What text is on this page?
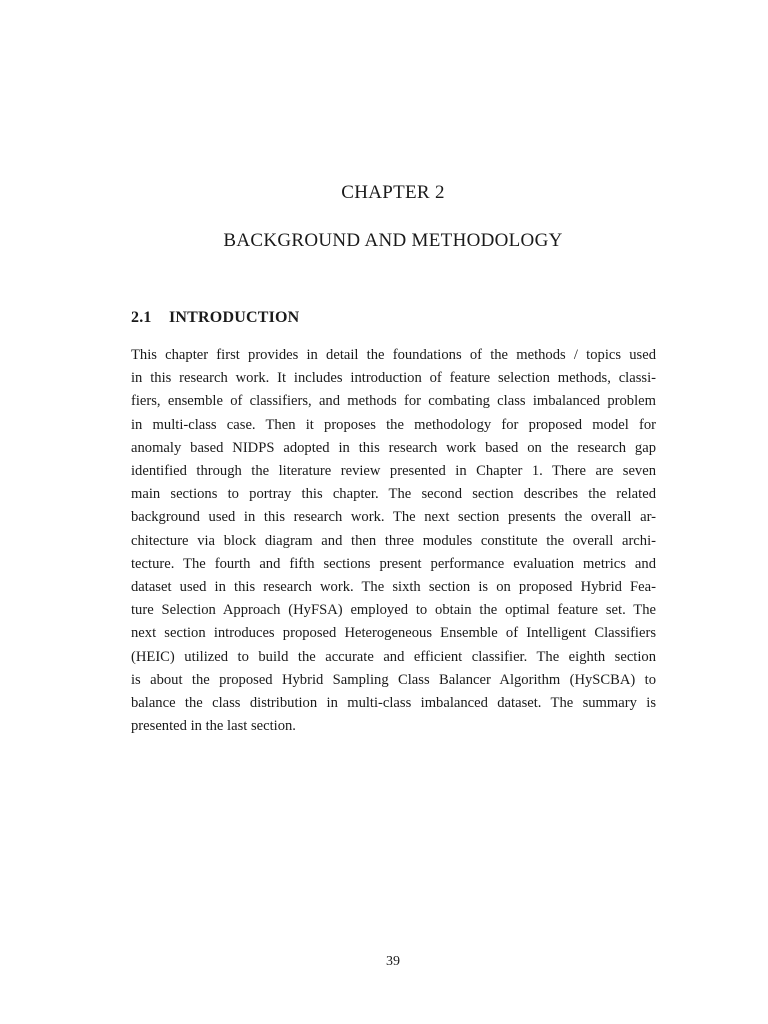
CHAPTER 2
BACKGROUND AND METHODOLOGY
2.1 INTRODUCTION
This chapter first provides in detail the foundations of the methods / topics used
in this research work. It includes introduction of feature selection methods, classi-
fiers, ensemble of classifiers, and methods for combating class imbalanced problem
in multi-class case. Then it proposes the methodology for proposed model for
anomaly based NIDPS adopted in this research work based on the research gap
identified through the literature review presented in Chapter 1. There are seven
main sections to portray this chapter. The second section describes the related
background used in this research work. The next section presents the overall ar-
chitecture via block diagram and then three modules constitute the overall archi-
tecture. The fourth and fifth sections present performance evaluation metrics and
dataset used in this research work. The sixth section is on proposed Hybrid Fea-
ture Selection Approach (HyFSA) employed to obtain the optimal feature set. The
next section introduces proposed Heterogeneous Ensemble of Intelligent Classifiers
(HEIC) utilized to build the accurate and efficient classifier. The eighth section
is about the proposed Hybrid Sampling Class Balancer Algorithm (HySCBA) to
balance the class distribution in multi-class imbalanced dataset. The summary is
presented in the last section.
39
